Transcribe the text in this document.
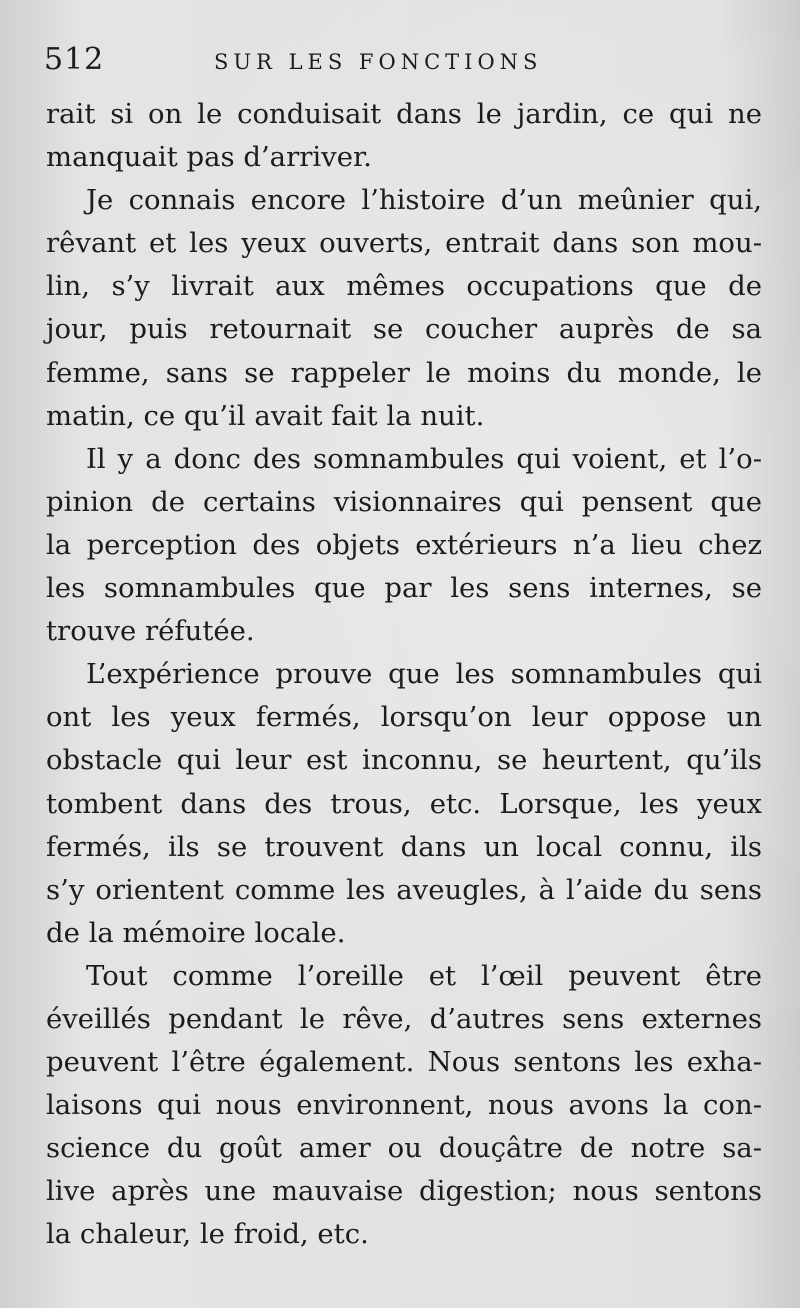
512	SUR LES FONCTIONS
rait si on le conduisait dans le jardin, ce qui ne
manquait pas d’arriver.
Je connais encore l’histoire d’un meûnier qui,
rêvant et les yeux ouverts, entrait dans son mou-
lin, s’y livrait aux mêmes occupations que de
jour, puis retournait se coucher auprès de sa
femme, sans se rappeler le moins du monde, le
matin, ce qu’il avait fait la nuit.
Il y a donc des somnambules qui voient, et l’o-
pinion de certains visionnaires qui pensent que
la perception des objets extérieurs n’a lieu chez
les somnambules que par les sens internes, se
trouve réfutée.
L’expérience prouve que les somnambules qui
ont les yeux fermés, lorsqu’on leur oppose un
obstacle qui leur est inconnu, se heurtent, qu’ils
tombent dans des trous, etc. Lorsque, les yeux
fermés, ils se trouvent dans un local connu, ils
s’y orientent comme les aveugles, à l’aide du sens
de la mémoire locale.
Tout comme l’oreille et l’œil peuvent être
éveillés pendant le rêve, d’autres sens externes
peuvent l’être également. Nous sentons les exha-
laisons qui nous environnent, nous avons la con-
science du goût amer ou douçâtre de notre sa-
live après une mauvaise digestion; nous sentons
la chaleur, le froid, etc.
